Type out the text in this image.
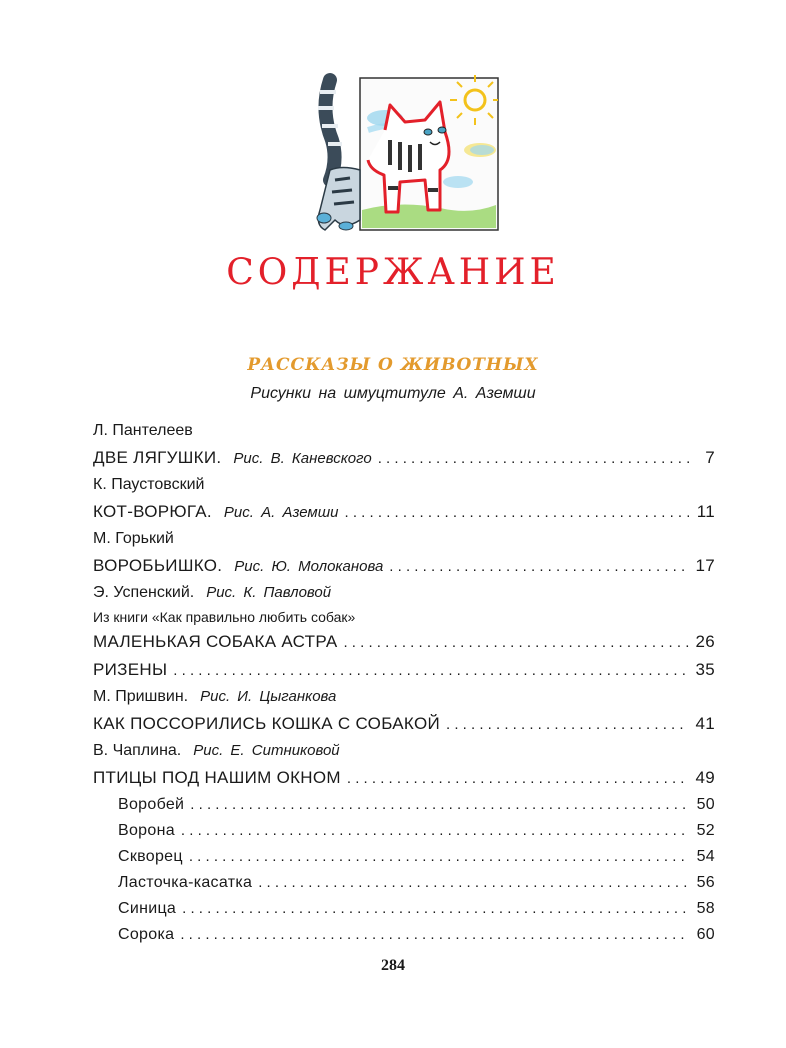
СОДЕРЖАНИЕ
РАССКАЗЫ О ЖИВОТНЫХ
Рисунки на шмуцтитуле А. Аземши
Л. Пантелеев
ДВЕ ЛЯГУШКИ. Рис. В. Каневского . . .	7
К. Паустовский
КОТ-ВОРЮГА. Рис. А. Аземши . . .	11
М. Горький
ВОРОБЬИШКО. Рис. Ю. Молоканова . . .	17
Э. Успенский. Рис. К. Павловой
Из книги «Как правильно любить собак»
МАЛЕНЬКАЯ СОБАКА АСТРА . . .	26
РИЗЕНЫ . . .	35
М. Пришвин. Рис. И. Цыганкова
КАК ПОССОРИЛИСЬ КОШКА С СОБАКОЙ . . .	41
В. Чаплина. Рис. Е. Ситниковой
ПТИЦЫ ПОД НАШИМ ОКНОМ . . .	49
Воробей . . .	50
Ворона . . .	52
Скворец . . .	54
Ласточка-касатка . . .	56
Синица . . .	58
Сорока . . .	60
284
